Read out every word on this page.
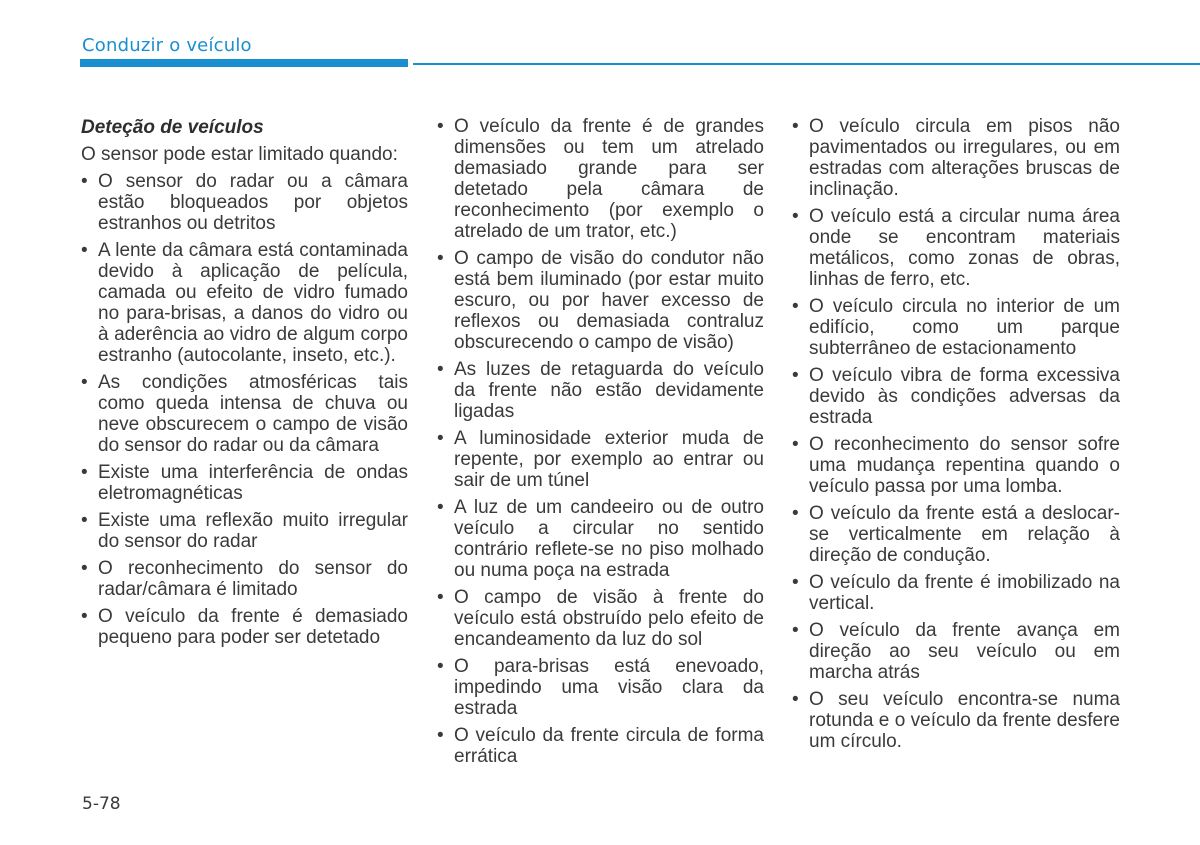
Conduzir o veículo
Deteção de veículos
O sensor pode estar limitado quando:
• O sensor do radar ou a câmara estão bloqueados por objetos estranhos ou detritos
• A lente da câmara está contaminada devido à aplicação de película, camada ou efeito de vidro fumado no para-brisas, a danos do vidro ou à aderência ao vidro de algum corpo estranho (autocolante, inseto, etc.).
• As condições atmosféricas tais como queda intensa de chuva ou neve obscurecem o campo de visão do sensor do radar ou da câmara
• Existe uma interferência de ondas eletromagnéticas
• Existe uma reflexão muito irregular do sensor do radar
• O reconhecimento do sensor do radar/câmara é limitado
• O veículo da frente é demasiado pequeno para poder ser detetado
• O veículo da frente é de grandes dimensões ou tem um atrelado demasiado grande para ser detetado pela câmara de reconhecimento (por exemplo o atrelado de um trator, etc.)
• O campo de visão do condutor não está bem iluminado (por estar muito escuro, ou por haver excesso de reflexos ou demasiada contraluz obscurecendo o campo de visão)
• As luzes de retaguarda do veículo da frente não estão devidamente ligadas
• A luminosidade exterior muda de repente, por exemplo ao entrar ou sair de um túnel
• A luz de um candeeiro ou de outro veículo a circular no sentido contrário reflete-se no piso molhado ou numa poça na estrada
• O campo de visão à frente do veículo está obstruído pelo efeito de encandeamento da luz do sol
• O para-brisas está enevoado, impedindo uma visão clara da estrada
• O veículo da frente circula de forma errática
• O veículo circula em pisos não pavimentados ou irregulares, ou em estradas com alterações bruscas de inclinação.
• O veículo está a circular numa área onde se encontram materiais metálicos, como zonas de obras, linhas de ferro, etc.
• O veículo circula no interior de um edifício, como um parque subterrâneo de estacionamento
• O veículo vibra de forma excessiva devido às condições adversas da estrada
• O reconhecimento do sensor sofre uma mudança repentina quando o veículo passa por uma lomba.
• O veículo da frente está a deslocar-se verticalmente em relação à direção de condução.
• O veículo da frente é imobilizado na vertical.
• O veículo da frente avança em direção ao seu veículo ou em marcha atrás
• O seu veículo encontra-se numa rotunda e o veículo da frente desfere um círculo.
5-78
